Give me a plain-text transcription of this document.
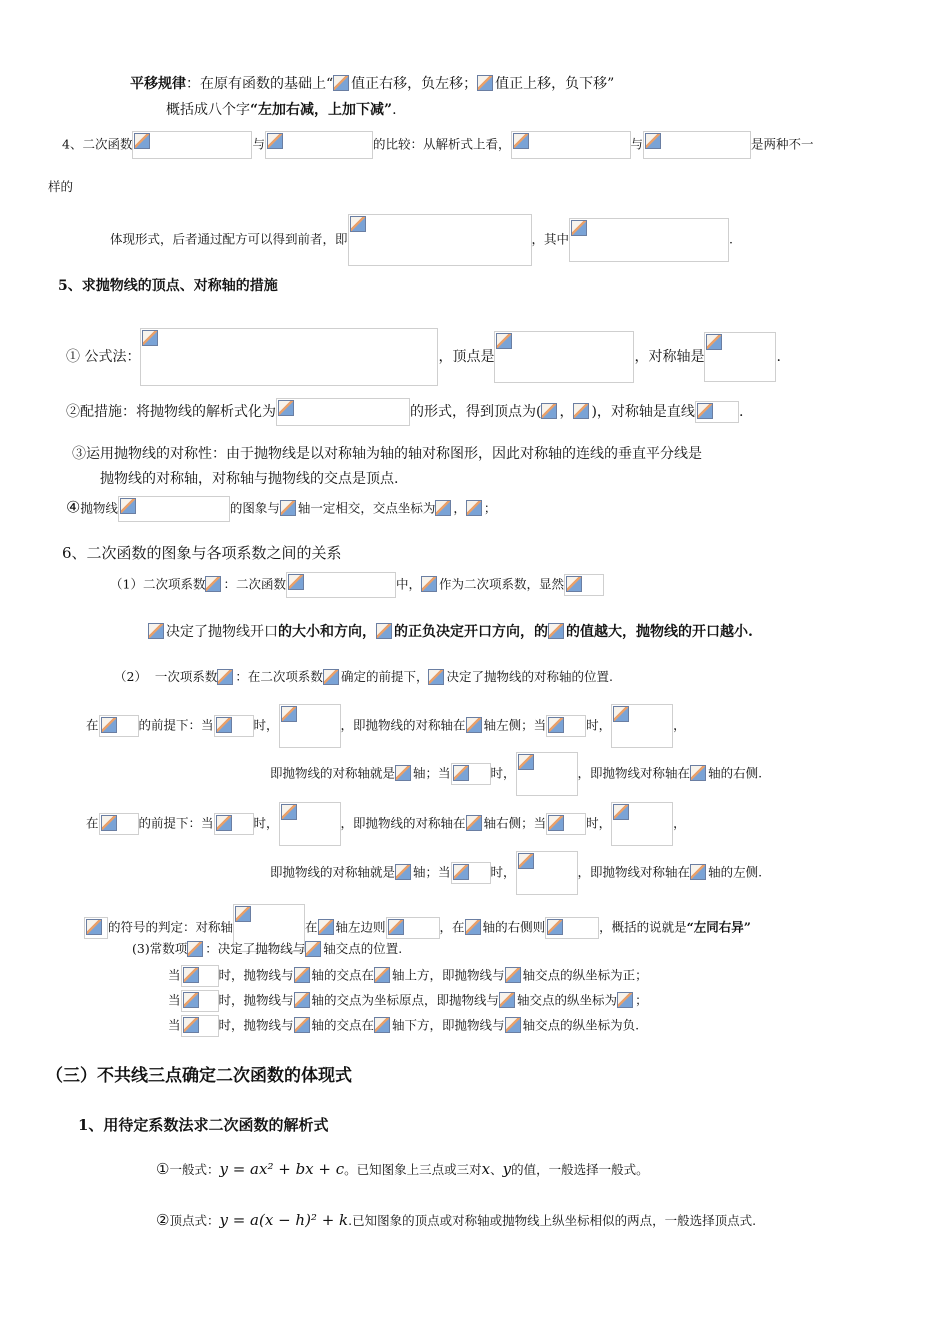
平移规律：在原有函数的基础上“ 值正右移，负左移； 值正上移，负下移”
概括成八个字“左加右减，上加下减”.
4、二次函数	与	的比较：从解析式上看，	与	是两种不一
样的
体现形式，后者通过配方可以得到前者，即	，其中	.
5、求抛物线的顶点、对称轴的措施
① 公式法：	，顶点是	，对称轴是	.
②配措施：将抛物线的解析式化为	的形式，得到顶点为( ， )，对称轴是直线	.
③运用抛物线的对称性：由于抛物线是以对称轴为轴的轴对称图形，因此对称轴的连线的垂直平分线是
抛物线的对称轴，对称轴与抛物线的交点是顶点.
④抛物线	的图象与 轴一定相交，交点坐标为 ， ；
6、二次函数的图象与各项系数之间的关系
（1）二次项系数 ：二次函数	中， 作为二次项系数，显然
决定了抛物线开口的大小和方向， 的正负决定开口方向，的 的值越大，抛物线的开口越小.
（2） 一次项系数 ：在二次项系数 确定的前提下， 决定了抛物线的对称轴的位置.
在	的前提下：当	时，	，即抛物线的对称轴在 轴左侧；当	时，	，
即抛物线的对称轴就是 轴；当	时，	，即抛物线对称轴在 轴的右侧.
在	的前提下：当	时，	，即抛物线的对称轴在 轴右侧；当	时，	，
即抛物线的对称轴就是 轴；当	时，	，即抛物线对称轴在 轴的左侧.
的符号的判定：对称轴	在 轴左边则	，在 轴的右侧则	，概括的说就是“左同右异”
(3)常数项 ：决定了抛物线与 轴交点的位置.
当	时，抛物线与 轴的交点在 轴上方，即抛物线与 轴交点的纵坐标为正；
当	时，抛物线与 轴的交点为坐标原点，即抛物线与 轴交点的纵坐标为 ；
当	时，抛物线与 轴的交点在 轴下方，即抛物线与 轴交点的纵坐标为负.
（三）不共线三点确定二次函数的体现式
1、用待定系数法求二次函数的解析式
①一般式：y = ax² + bx + c。已知图象上三点或三对x、y的值，一般选择一般式。
②顶点式：y = a(x − h)² + k.已知图象的顶点或对称轴或抛物线上纵坐标相似的两点，一般选择顶点式.
